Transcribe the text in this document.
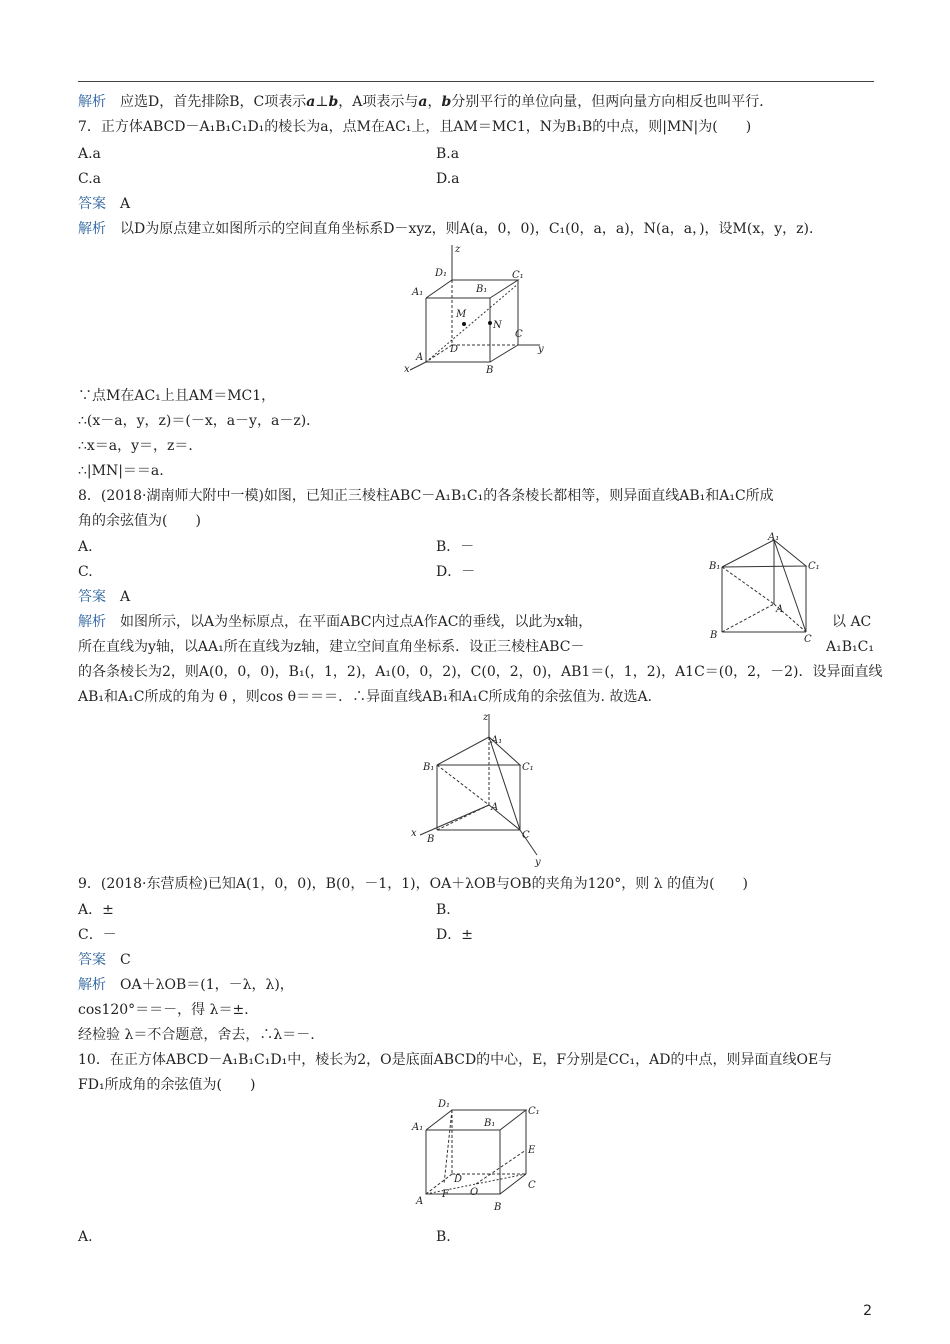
解析 应选D，首先排除B，C项表示a⊥b，A项表示与a，b分别平行的单位向量，但两向量方向相反也叫平行．
7．正方体ABCD－A₁B₁C₁D₁的棱长为a，点M在AC₁上，且AM＝MC1，N为B₁B的中点，则|MN|为(　　)
A.a	B.a
C.a	D.a
答案 A
解析 以D为原点建立如图所示的空间直角坐标系D－xyz，则A(a，0，0)，C₁(0，a，a)，N(a，a，)，设M(x，y，z)．
z
D₁	C₁
A₁	B₁
M
N
D
C
y
A
x	B
∵点M在AC₁上且AM＝MC1，
∴(x－a，y，z)＝(－x，a－y，a－z)．
∴x＝a，y＝，z＝．
∴|MN|＝＝a.
8．(2018·湖南师大附中一模)如图，已知正三棱柱ABC－A₁B₁C₁的各条棱长都相等，则异面直线AB₁和A₁C所成
角的余弦值为(　　)
A.	B．－
C.	D．－
答案 A
解析 如图所示，以A为坐标原点，在平面ABC内过点A作AC的垂线，以此为x轴，	以 AC
所在直线为y轴，以AA₁所在直线为z轴，建立空间直角坐标系．设正三棱柱ABC－	A₁B₁C₁
的各条棱长为2，则A(0，0，0)，B₁(，1，2)，A₁(0，0，2)，C(0，2，0)，AB1＝(，1，2)，A1C＝(0，2，－2)．设异面直线
AB₁和A₁C所成的角为 θ ，则cos θ＝＝＝．∴异面直线AB₁和A₁C所成角的余弦值为. 故选A.
A₁
B₁	C₁
A
B	C
z
A₁
B₁	C₁
A
x
B	C
y
9．(2018·东营质检)已知A(1，0，0)，B(0，－1，1)，OA＋λOB与OB的夹角为120°，则 λ 的值为(　　)
A．±	B.
C．－	D．±
答案 C
解析 OA＋λOB＝(1，－λ，λ)，
cos120°＝＝－，得 λ＝±．
经检验 λ＝不合题意，舍去，∴λ＝－.
10．在正方体ABCD－A₁B₁C₁D₁中，棱长为2，O是底面ABCD的中心，E，F分别是CC₁，AD的中点，则异面直线OE与
FD₁所成角的余弦值为(　　)
D₁
C₁
A₁	B₁
E
D
C
A
F O
B
A.	B.
2
